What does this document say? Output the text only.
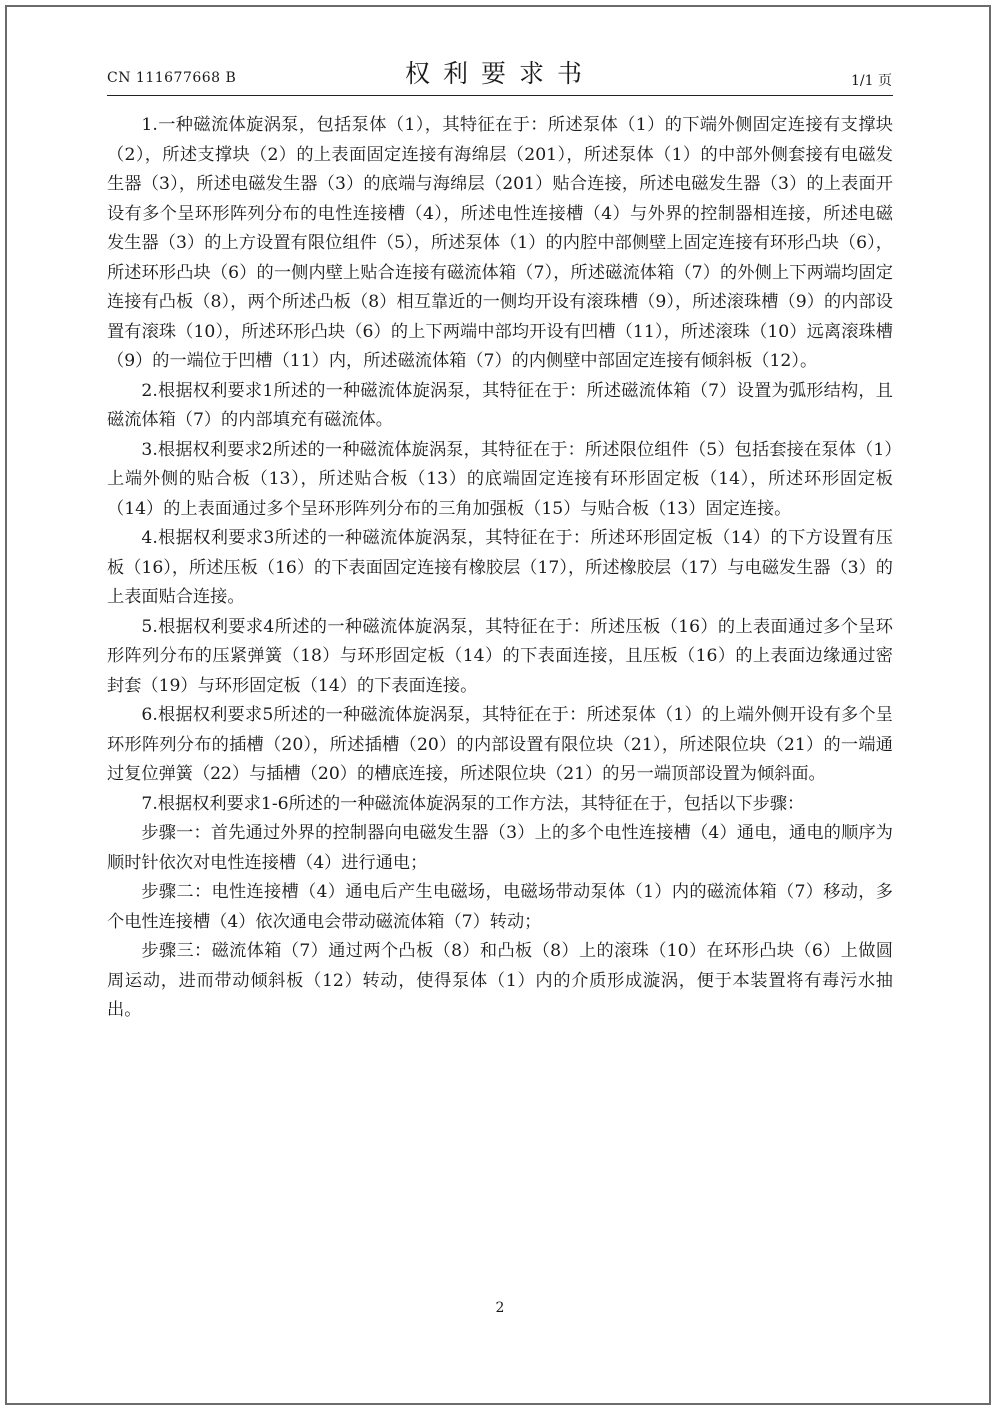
CN 111677668 B	权利要求书	1/1 页

1.一种磁流体旋涡泵，包括泵体（1），其特征在于：所述泵体（1）的下端外侧固定连接有支撑块（2），所述支撑块（2）的上表面固定连接有海绵层（201），所述泵体（1）的中部外侧套接有电磁发生器（3），所述电磁发生器（3）的底端与海绵层（201）贴合连接，所述电磁发生器（3）的上表面开设有多个呈环形阵列分布的电性连接槽（4），所述电性连接槽（4）与外界的控制器相连接，所述电磁发生器（3）的上方设置有限位组件（5），所述泵体（1）的内腔中部侧壁上固定连接有环形凸块（6），所述环形凸块（6）的一侧内壁上贴合连接有磁流体箱（7），所述磁流体箱（7）的外侧上下两端均固定连接有凸板（8），两个所述凸板（8）相互靠近的一侧均开设有滚珠槽（9），所述滚珠槽（9）的内部设置有滚珠（10），所述环形凸块（6）的上下两端中部均开设有凹槽（11），所述滚珠（10）远离滚珠槽（9）的一端位于凹槽（11）内，所述磁流体箱（7）的内侧壁中部固定连接有倾斜板（12）。

2.根据权利要求1所述的一种磁流体旋涡泵，其特征在于：所述磁流体箱（7）设置为弧形结构，且磁流体箱（7）的内部填充有磁流体。

3.根据权利要求2所述的一种磁流体旋涡泵，其特征在于：所述限位组件（5）包括套接在泵体（1）上端外侧的贴合板（13），所述贴合板（13）的底端固定连接有环形固定板（14），所述环形固定板（14）的上表面通过多个呈环形阵列分布的三角加强板（15）与贴合板（13）固定连接。

4.根据权利要求3所述的一种磁流体旋涡泵，其特征在于：所述环形固定板（14）的下方设置有压板（16），所述压板（16）的下表面固定连接有橡胶层（17），所述橡胶层（17）与电磁发生器（3）的上表面贴合连接。

5.根据权利要求4所述的一种磁流体旋涡泵，其特征在于：所述压板（16）的上表面通过多个呈环形阵列分布的压紧弹簧（18）与环形固定板（14）的下表面连接，且压板（16）的上表面边缘通过密封套（19）与环形固定板（14）的下表面连接。

6.根据权利要求5所述的一种磁流体旋涡泵，其特征在于：所述泵体（1）的上端外侧开设有多个呈环形阵列分布的插槽（20），所述插槽（20）的内部设置有限位块（21），所述限位块（21）的一端通过复位弹簧（22）与插槽（20）的槽底连接，所述限位块（21）的另一端顶部设置为倾斜面。

7.根据权利要求1-6所述的一种磁流体旋涡泵的工作方法，其特征在于，包括以下步骤：

步骤一：首先通过外界的控制器向电磁发生器（3）上的多个电性连接槽（4）通电，通电的顺序为顺时针依次对电性连接槽（4）进行通电；

步骤二：电性连接槽（4）通电后产生电磁场，电磁场带动泵体（1）内的磁流体箱（7）移动，多个电性连接槽（4）依次通电会带动磁流体箱（7）转动；

步骤三：磁流体箱（7）通过两个凸板（8）和凸板（8）上的滚珠（10）在环形凸块（6）上做圆周运动，进而带动倾斜板（12）转动，使得泵体（1）内的介质形成漩涡，便于本装置将有毒污水抽出。

2
